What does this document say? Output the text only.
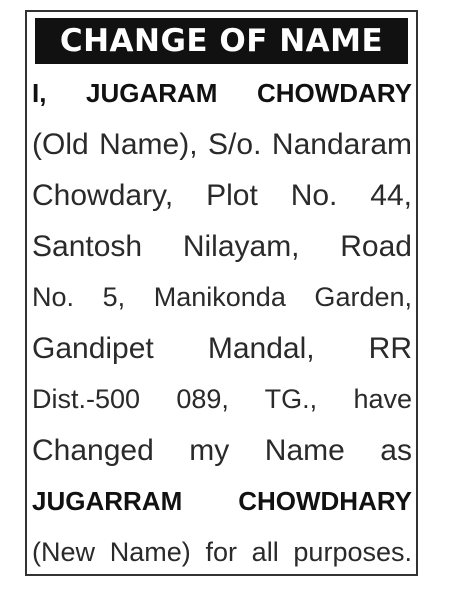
CHANGE OF NAME
I, JUGARAM CHOWDARY
(Old Name), S/o. Nandaram
Chowdary, Plot No. 44,
Santosh Nilayam, Road
No. 5, Manikonda Garden,
Gandipet Mandal, RR
Dist.-500 089, TG., have
Changed my Name as
JUGARRAM CHOWDHARY
(New Name) for all purposes.
